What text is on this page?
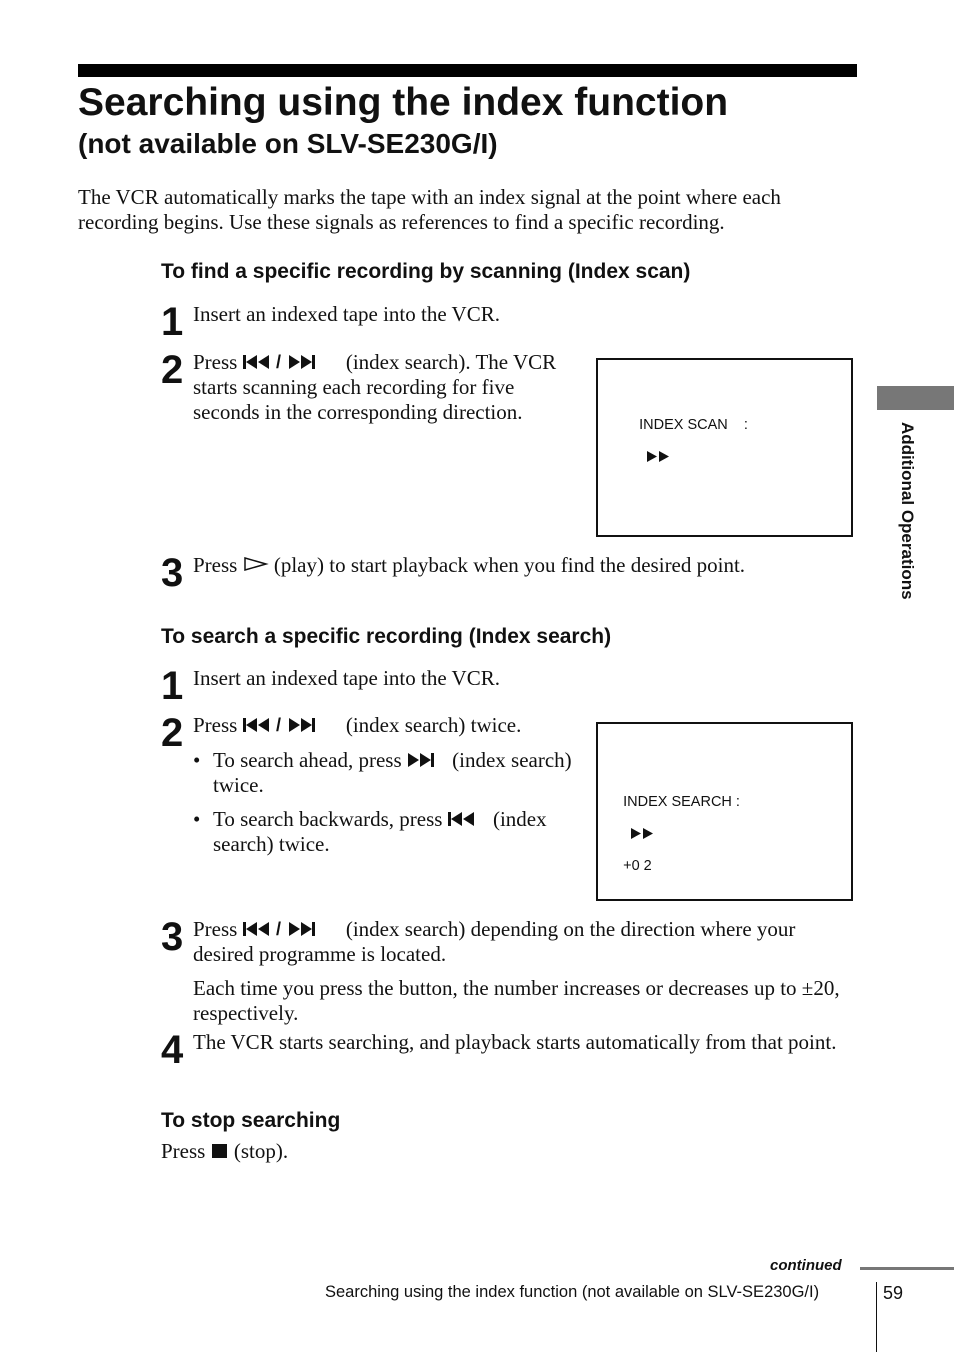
Searching using the index function
(not available on SLV-SE230G/I)
The VCR automatically marks the tape with an index signal at the point where each recording begins. Use these signals as references to find a specific recording.
Additional Operations
To find a specific recording by scanning (Index scan)
1 Insert an indexed tape into the VCR.
2 Press /	(index search). The VCR starts scanning each recording for five seconds in the corresponding direction.

INDEX SCAN    :

3 Press (play) to start playback when you find the desired point.
To search a specific recording (Index search)
1 Insert an indexed tape into the VCR.
2 Press /	(index search) twice.
• To search ahead, press (index search) twice.
• To search backwards, press (index search) twice.

INDEX SEARCH :

+0 2

3 Press /	(index search) depending on the direction where your desired programme is located.
Each time you press the button, the number increases or decreases up to ±20, respectively.
4 The VCR starts searching, and playback starts automatically from that point.
To stop searching
Press (stop).
continued
Searching using the index function (not available on SLV-SE230G/I)	59
